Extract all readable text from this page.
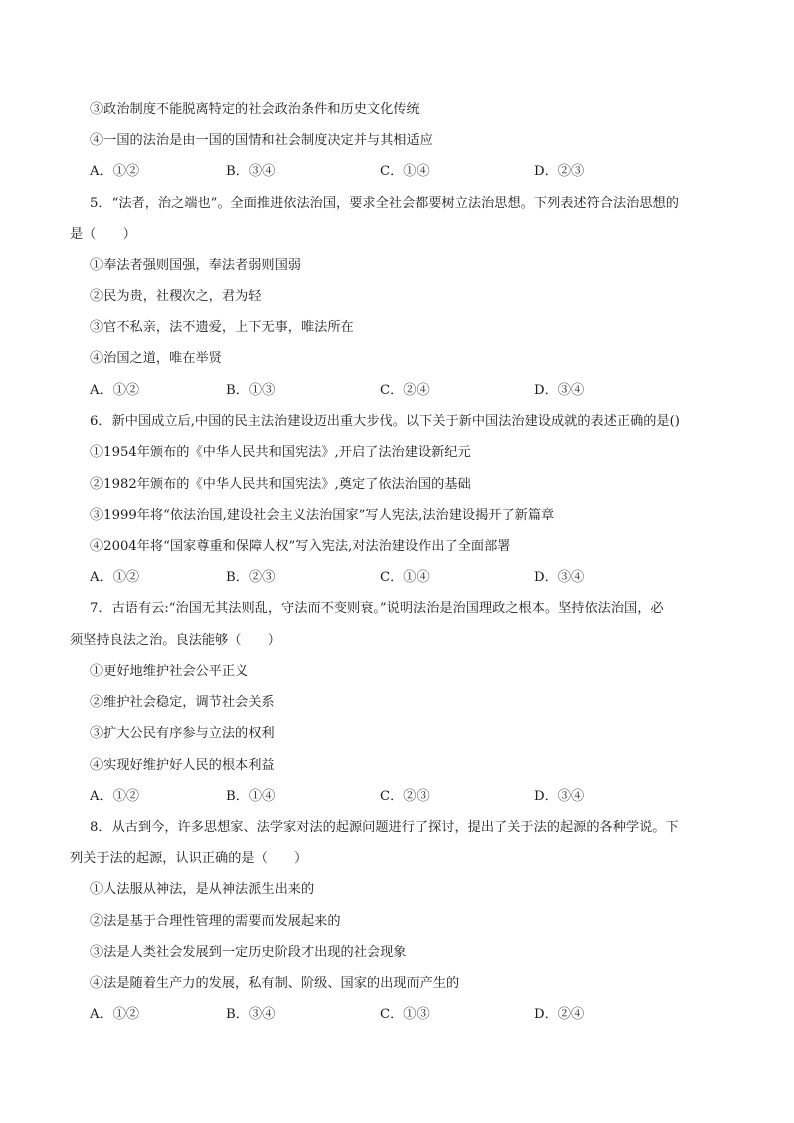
③政治制度不能脱离特定的社会政治条件和历史文化传统
④一国的法治是由一国的国情和社会制度决定并与其相适应
A．①②	B．③④	C．①④	D．②③
5．“法者，治之端也”。全面推进依法治国，要求全社会都要树立法治思想。下列表述符合法治思想的
是（　　）
①奉法者强则国强，奉法者弱则国弱
②民为贵，社稷次之，君为轻
③官不私亲，法不遗爱，上下无事，唯法所在
④治国之道，唯在举贤
A．①②	B．①③	C．②④	D．③④
6．新中国成立后,中国的民主法治建设迈出重大步伐。以下关于新中国法治建设成就的表述正确的是()
①1954年颁布的《中华人民共和国宪法》,开启了法治建设新纪元
②1982年颁布的《中华人民共和国宪法》,奠定了依法治国的基础
③1999年将“依法治国,建设社会主义法治国家”写人宪法,法治建设揭开了新篇章
④2004年将“国家尊重和保障人权”写入宪法,对法治建设作出了全面部署
A．①②	B．②③	C．①④	D．③④
7．古语有云:“治国无其法则乱，守法而不变则衰。”说明法治是治国理政之根本。坚持依法治国，必
须坚持良法之治。良法能够（　　）
①更好地维护社会公平正义
②维护社会稳定，调节社会关系
③扩大公民有序参与立法的权利
④实现好维护好人民的根本利益
A．①②	B．①④	C．②③	D．③④
8．从古到今，许多思想家、法学家对法的起源问题进行了探讨，提出了关于法的起源的各种学说。下
列关于法的起源，认识正确的是（　　）
①人法服从神法，是从神法派生出来的
②法是基于合理性管理的需要而发展起来的
③法是人类社会发展到一定历史阶段才出现的社会现象
④法是随着生产力的发展，私有制、阶级、国家的出现而产生的
A．①②	B．③④	C．①③	D．②④
